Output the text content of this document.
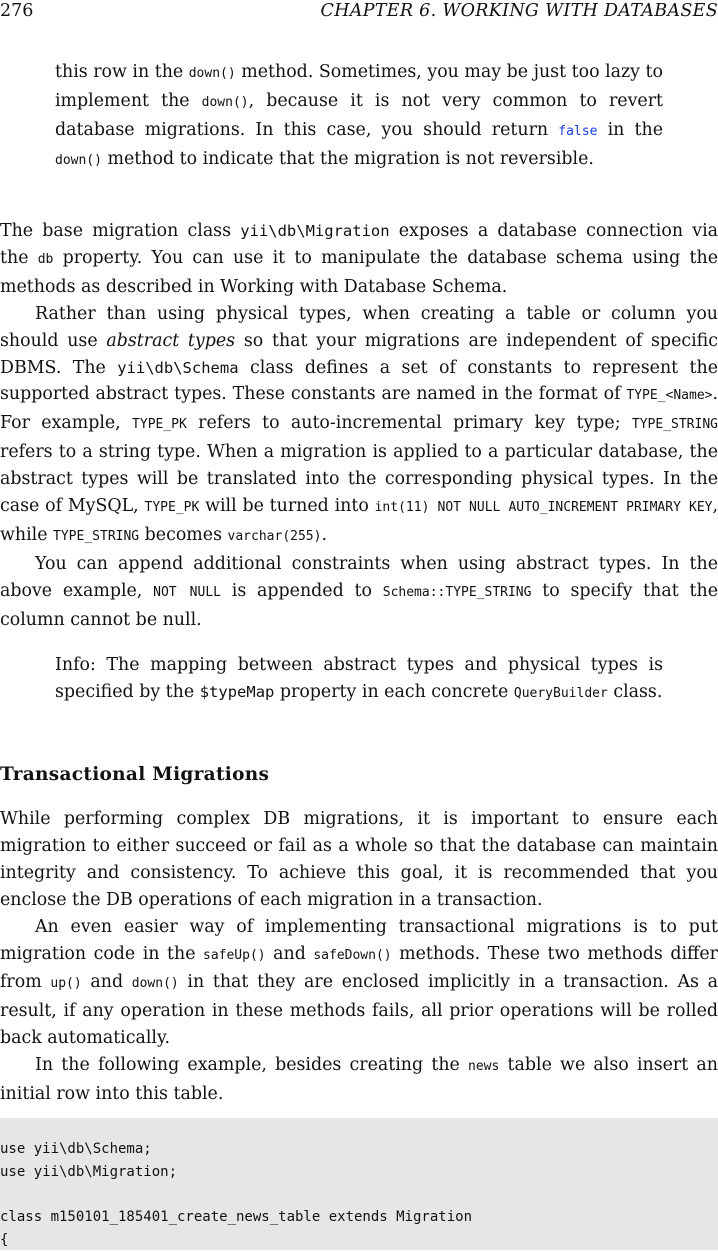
276	CHAPTER 6. WORKING WITH DATABASES

this row in the down() method. Sometimes, you may be just too lazy to implement the down(), because it is not very common to revert database migrations. In this case, you should return false in the down() method to indicate that the migration is not reversible.

The base migration class yii\db\Migration exposes a database connection via the db property. You can use it to manipulate the database schema using the methods as described in Working with Database Schema.

Rather than using physical types, when creating a table or column you should use abstract types so that your migrations are independent of specific DBMS. The yii\db\Schema class defines a set of constants to represent the supported abstract types. These constants are named in the format of TYPE_<Name>. For example, TYPE_PK refers to auto-incremental primary key type; TYPE_STRING refers to a string type. When a migration is applied to a particular database, the abstract types will be translated into the corresponding physical types. In the case of MySQL, TYPE_PK will be turned into int(11) NOT NULL AUTO_INCREMENT PRIMARY KEY, while TYPE_STRING becomes varchar(255).

You can append additional constraints when using abstract types. In the above example, NOT NULL is appended to Schema::TYPE_STRING to specify that the column cannot be null.

Info: The mapping between abstract types and physical types is specified by the $typeMap property in each concrete QueryBuilder class.

Transactional Migrations

While performing complex DB migrations, it is important to ensure each migration to either succeed or fail as a whole so that the database can maintain integrity and consistency. To achieve this goal, it is recommended that you enclose the DB operations of each migration in a transaction.

An even easier way of implementing transactional migrations is to put migration code in the safeUp() and safeDown() methods. These two methods differ from up() and down() in that they are enclosed implicitly in a transaction. As a result, if any operation in these methods fails, all prior operations will be rolled back automatically.

In the following example, besides creating the news table we also insert an initial row into this table.

use yii\db\Schema;
use yii\db\Migration;

class m150101_185401_create_news_table extends Migration
{
